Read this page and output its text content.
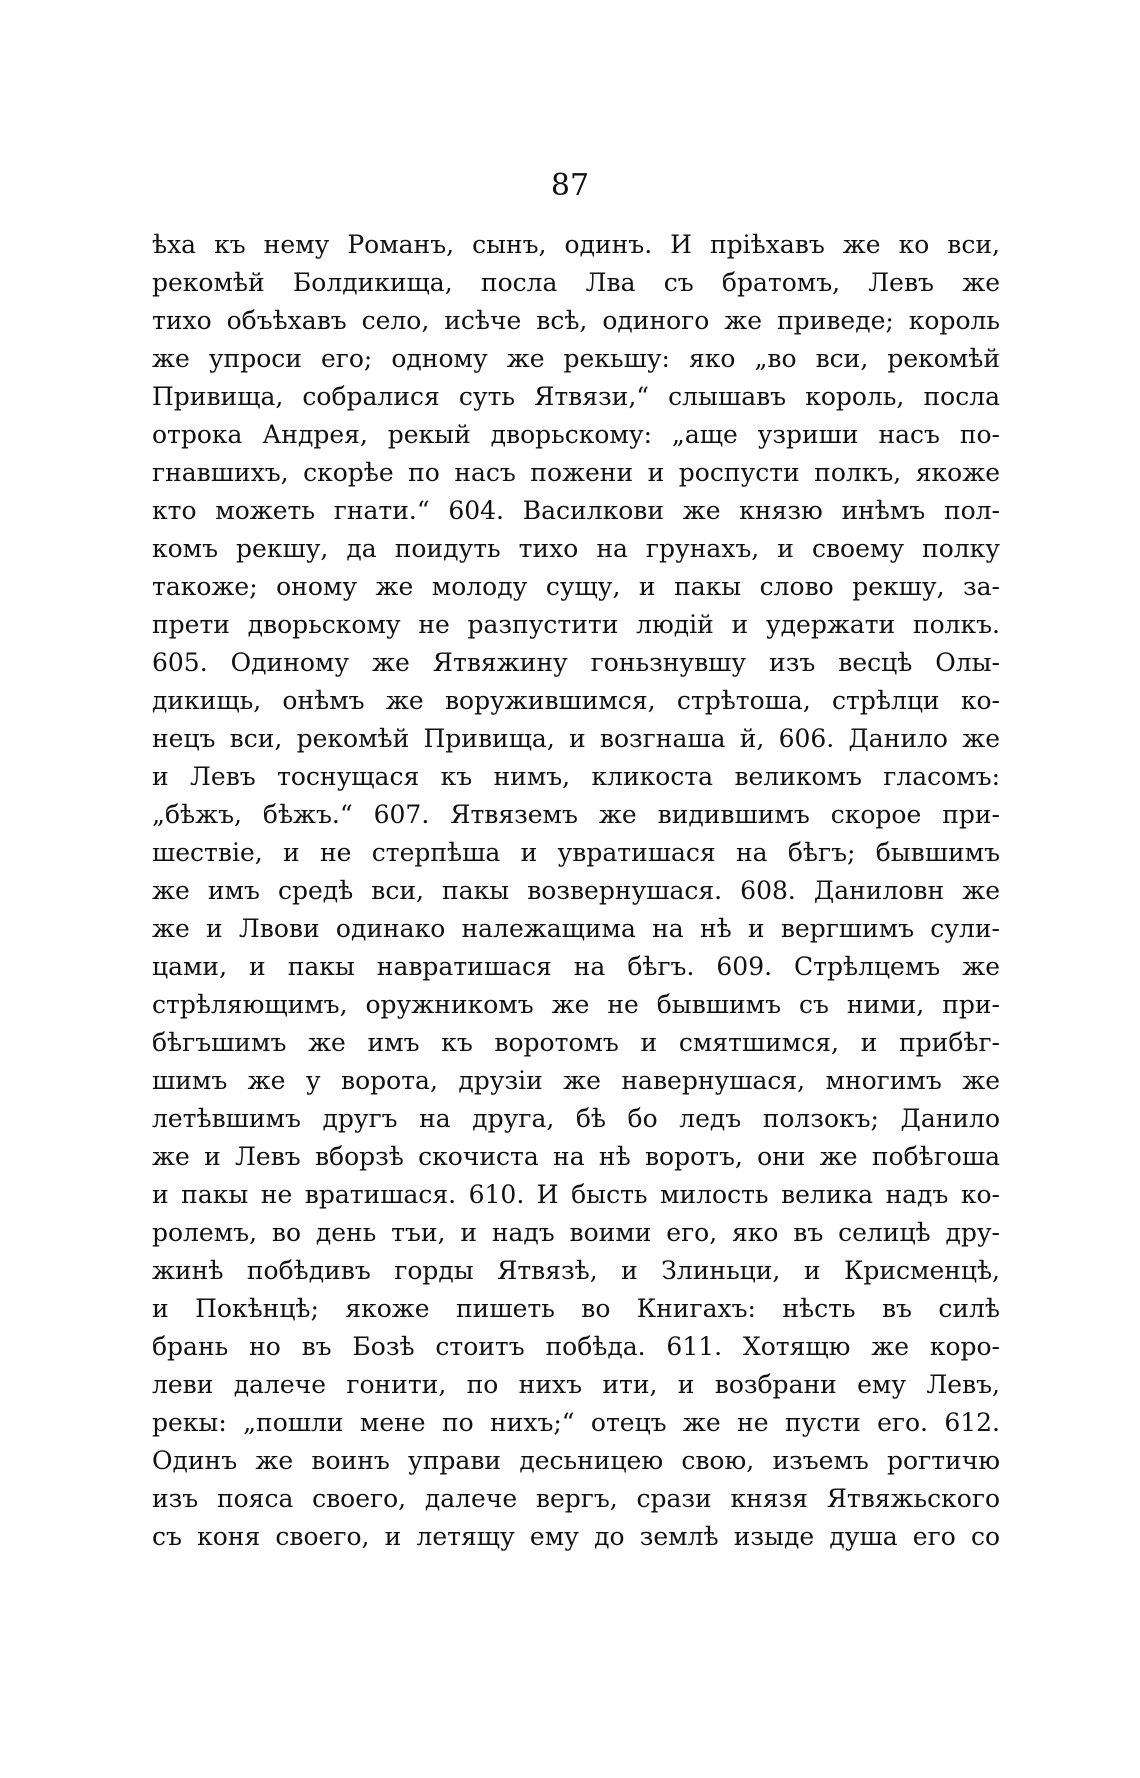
87
ѣха къ нему Романъ, сынъ, одинъ. И пріѣхавъ же ко вси,
рекомѣй Болдикища, посла Лва съ братомъ, Левъ же
тихо объѣхавъ село, исѣче всѣ, одиного же приведе; король
же упроси его; одному же рекьшу: яко „во вси, рекомѣй
Привища, собралися суть Ятвязи,“ слышавъ король, посла
отрока Андрея, рекый дворьскому: „аще узриши насъ по-
гнавшихъ, скорѣе по насъ пожени и роспусти полкъ, якоже
кто можеть гнати.“ 604. Василкови же князю инѣмъ пол-
комъ рекшу, да поидуть тихо на грунахъ, и своему полку
такоже; оному же молоду сущу, и пакы слово рекшу, за-
прети дворьскому не разпустити людій и удержати полкъ.
605. Одиному же Ятвяжину гоньзнувшу изъ весцѣ Олы-
дикищь, онѣмъ же воружившимся, стрѣтоша, стрѣлци ко-
нецъ вси, рекомѣй Привища, и возгнаша й, 606. Данило же
и Левъ тоснущася къ нимъ, кликоста великомъ гласомъ:
„бѣжъ, бѣжъ.“ 607. Ятвяземъ же видившимъ скорое при-
шествіе, и не стерпѣша и увратишася на бѣгъ; бывшимъ
же имъ средѣ вси, пакы возвернушася. 608. Даниловн же
же и Лвови одинако належащима на нѣ и вергшимъ сули-
цами, и пакы навратишася на бѣгъ. 609. Стрѣлцемъ же
стрѣляющимъ, оружникомъ же не бывшимъ съ ними, при-
бѣгъшимъ же имъ къ воротомъ и смятшимся, и прибѣг-
шимъ же у ворота, друзіи же навернушася, многимъ же
летѣвшимъ другъ на друга, бѣ бо ледъ ползокъ; Данило
же и Левъ вборзѣ скочиста на нѣ воротъ, они же побѣгоша
и пакы не вратишася. 610. И бысть милость велика надъ ко-
ролемъ, во день тъи, и надъ воими его, яко въ селицѣ дру-
жинѣ побѣдивъ горды Ятвязѣ, и Злиньци, и Крисменцѣ,
и Покѣнцѣ; якоже пишеть во Книгахъ: нѣсть въ силѣ
брань но въ Бозѣ стоитъ побѣда. 611. Хотящю же коро-
леви далече гонити, по нихъ ити, и возбрани ему Левъ,
рекы: „пошли мене по нихъ;“ отецъ же не пусти его. 612.
Одинъ же воинъ управи десьницею свою, изъемъ рогтичю
изъ пояса своего, далече вергъ, срази князя Ятвяжьского
съ коня своего, и летящу ему до землѣ изыде душа его со
